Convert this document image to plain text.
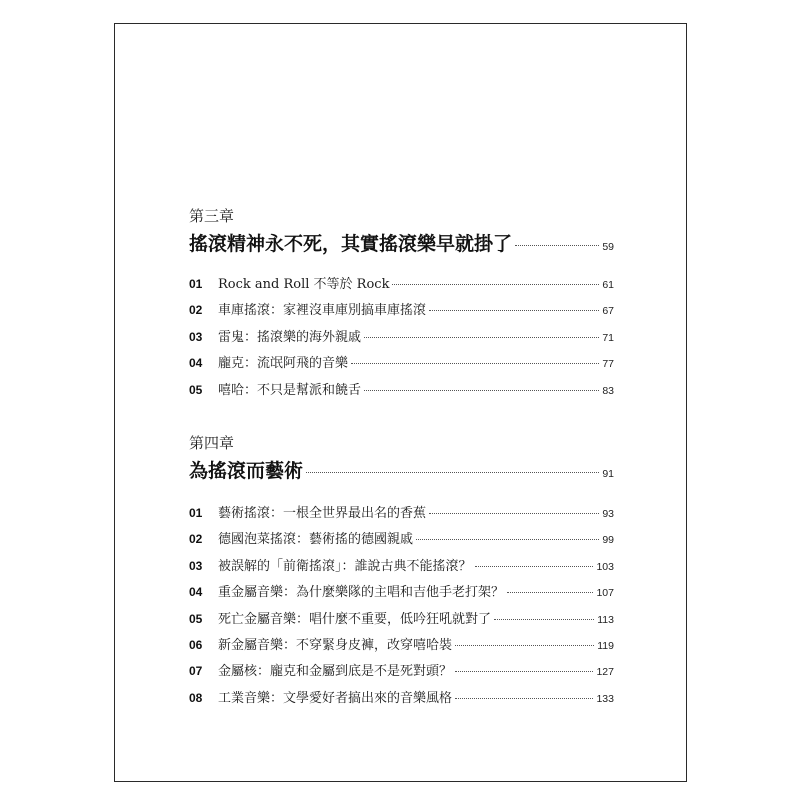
第三章
搖滾精神永不死，其實搖滾樂早就掛了	59
01	Rock and Roll 不等於 Rock	61
02	車庫搖滾：家裡沒車庫別搞車庫搖滾	67
03	雷鬼：搖滾樂的海外親戚	71
04	龐克：流氓阿飛的音樂	77
05	嘻哈：不只是幫派和饒舌	83
第四章
為搖滾而藝術	91
01	藝術搖滾：一根全世界最出名的香蕉	93
02	德國泡菜搖滾：藝術搖的德國親戚	99
03	被誤解的「前衛搖滾」：誰說古典不能搖滾？	103
04	重金屬音樂：為什麼樂隊的主唱和吉他手老打架？	107
05	死亡金屬音樂：唱什麼不重要，低吟狂吼就對了	113
06	新金屬音樂：不穿緊身皮褲，改穿嘻哈裝	119
07	金屬核：龐克和金屬到底是不是死對頭？	127
08	工業音樂：文學愛好者搞出來的音樂風格	133
